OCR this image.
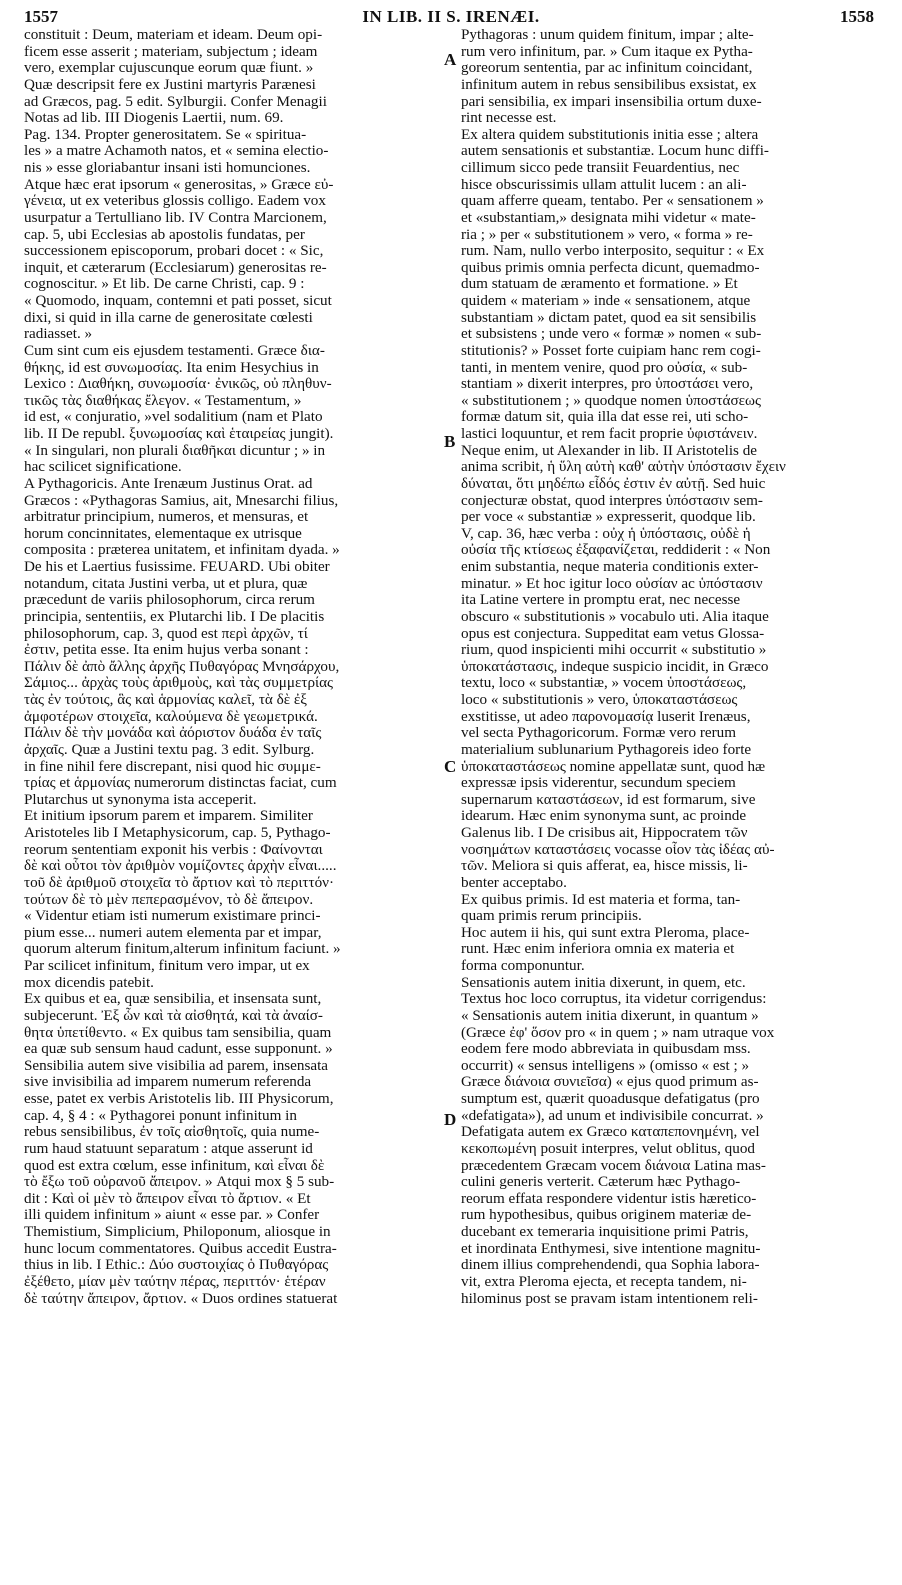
1557	IN LIB. II S. IRENÆI.	1558
constituit : Deum, materiam et ideam. Deum opi-
ficem esse asserit ; materiam, subjectum ; ideam
vero, exemplar cujuscunque eorum quæ fiunt. »
Quæ descripsit fere ex Justini martyris Parænesi
ad Græcos, pag. 5 edit. Sylburgii. Confer Menagii
Notas ad lib. III Diogenis Laertii, num. 69.
Pag. 134. Propter generositatem. Se « spiritua-
les » a matre Achamoth natos, et « semina electio-
nis » esse gloriabantur insani isti homunciones.
Atque hæc erat ipsorum « generositas, » Græce εὐ-
γένεια, ut ex veteribus glossis colligo. Eadem vox
usurpatur a Tertulliano lib. IV Contra Marcionem,
cap. 5, ubi Ecclesias ab apostolis fundatas, per
successionem episcoporum, probari docet : « Sic,
inquit, et cæterarum (Ecclesiarum) generositas re-
cognoscitur. » Et lib. De carne Christi, cap. 9 :
« Quomodo, inquam, contemni et pati posset, sicut
dixi, si quid in illa carne de generositate cœlesti
radiasset. »
Cum sint cum eis ejusdem testamenti. Græce δια-
θήκης, id est συνωμοσίας. Ita enim Hesychius in
Lexico : Διαθήκη, συνωμοσία· ἐνικῶς, οὐ πληθυν-
τικῶς τὰς διαθήκας ἔλεγον. « Testamentum, »
id est, « conjuratio, »vel sodalitium (nam et Plato
lib. II De republ. ξυνωμοσίας καὶ ἑταιρείας jungit).
« In singulari, non plurali διαθῆκαι dicuntur ; » in
hac scilicet significatione.
A Pythagoricis. Ante Irenæum Justinus Orat. ad
Græcos : «Pythagoras Samius, ait, Mnesarchi filius,
arbitratur principium, numeros, et mensuras, et
horum concinnitates, elementaque ex utrisque
composita : præterea unitatem, et infinitam dyada. »
De his et Laertius fusissime. FEUARD. Ubi obiter
notandum, citata Justini verba, ut et plura, quæ
præcedunt de variis philosophorum, circa rerum
principia, sententiis, ex Plutarchi lib. I De placitis
philosophorum, cap. 3, quod est περὶ ἀρχῶν, τί
ἐστιν, petita esse. Ita enim hujus verba sonant :
Πάλιν δὲ ἀπὸ ἄλλης ἀρχῆς Πυθαγόρας Μνησάρχου,
Σάμιος... ἀρχὰς τοὺς ἀριθμοὺς, καὶ τὰς συμμετρίας
τὰς ἐν τούτοις, ἃς καὶ ἁρμονίας καλεῖ, τὰ δὲ ἐξ
ἀμφοτέρων στοιχεῖα, καλούμενα δὲ γεωμετρικά.
Πάλιν δὲ τὴν μονάδα καὶ ἀόριστον δυάδα ἐν ταῖς
ἀρχαῖς. Quæ a Justini textu pag. 3 edit. Sylburg.
in fine nihil fere discrepant, nisi quod hic συμμε-
τρίας et ἁρμονίας numerorum distinctas faciat, cum
Plutarchus ut synonyma ista acceperit.
Et initium ipsorum parem et imparem. Similiter
Aristoteles lib I Metaphysicorum, cap. 5, Pythago-
reorum sententiam exponit his verbis : Φαίνονται
δὲ καὶ οὗτοι τὸν ἀριθμὸν νομίζοντες ἀρχὴν εἶναι.....
τοῦ δὲ ἀριθμοῦ στοιχεῖα τὸ ἄρτιον καὶ τὸ περιττόν·
τούτων δὲ τὸ μὲν πεπερασμένον, τὸ δὲ ἄπειρον.
« Videntur etiam isti numerum existimare princi-
pium esse... numeri autem elementa par et impar,
quorum alterum finitum,alterum infinitum faciunt. »
Par scilicet infinitum, finitum vero impar, ut ex
mox dicendis patebit.
Ex quibus et ea, quæ sensibilia, et insensata sunt,
subjecerunt. Ἐξ ὧν καὶ τὰ αἰσθητά, καὶ τὰ ἀναίσ-
θητα ὑπετίθεντο. « Ex quibus tam sensibilia, quam
ea quæ sub sensum haud cadunt, esse supponunt. »
Sensibilia autem sive visibilia ad parem, insensata
sive invisibilia ad imparem numerum referenda
esse, patet ex verbis Aristotelis lib. III Physicorum,
cap. 4, § 4 : « Pythagorei ponunt infinitum in
rebus sensibilibus, ἐν τοῖς αἰσθητοῖς, quia nume-
rum haud statuunt separatum : atque asserunt id
quod est extra cœlum, esse infinitum, καὶ εἶναι δὲ
τὸ ἔξω τοῦ οὐρανοῦ ἄπειρον. » Atqui mox § 5 sub-
dit : Καὶ οἱ μὲν τὸ ἄπειρον εἶναι τὸ ἄρτιον. « Et
illi quidem infinitum » aiunt « esse par. » Confer
Themistium, Simplicium, Philoponum, aliosque in
hunc locum commentatores. Quibus accedit Eustra-
thius in lib. I Ethic.: Δύο συστοιχίας ὁ Πυθαγόρας
ἐξέθετο, μίαν μὲν ταύτην πέρας, περιττόν· ἑτέραν
δὲ ταύτην ἄπειρον, ἄρτιον. « Duos ordines statuerat
Pythagoras : unum quidem finitum, impar ; alte-
rum vero infinitum, par. » Cum itaque ex Pytha-
goreorum sententia, par ac infinitum coincidant,
infinitum autem in rebus sensibilibus exsistat, ex
pari sensibilia, ex impari insensibilia ortum duxe-
rint necesse est.
Ex altera quidem substitutionis initia esse ; altera
autem sensationis et substantiæ. Locum hunc diffi-
cillimum sicco pede transiit Feuardentius, nec
hisce obscurissimis ullam attulit lucem : an ali-
quam afferre queam, tentabo. Per « sensationem »
et «substantiam,» designata mihi videtur « mate-
ria ; » per « substitutionem » vero, « forma » re-
rum. Nam, nullo verbo interposito, sequitur : « Ex
quibus primis omnia perfecta dicunt, quemadmo-
dum statuam de æramento et formatione. » Et
quidem « materiam » inde « sensationem, atque
substantiam » dictam patet, quod ea sit sensibilis
et subsistens ; unde vero « formæ » nomen « sub-
stitutionis? » Posset forte cuipiam hanc rem cogi-
tanti, in mentem venire, quod pro οὐσία, « sub-
stantiam » dixerit interpres, pro ὑποστάσει vero,
« substitutionem ; » quodque nomen ὑποστάσεως
formæ datum sit, quia illa dat esse rei, uti scho-
lastici loquuntur, et rem facit proprie ὑφιστάνειν.
Neque enim, ut Alexander in lib. II Aristotelis de
anima scribit, ἡ ὕλη αὐτὴ καθ' αὑτὴν ὑπόστασιν ἔχειν
δύναται, ὅτι μηδέπω εἶδός ἐστιν ἐν αὐτῇ. Sed huic
conjecturæ obstat, quod interpres ὑπόστασιν sem-
per voce « substantiæ » expresserit, quodque lib.
V, cap. 36, hæc verba : οὐχ ἡ ὑπόστασις, οὐδὲ ἡ
οὐσία τῆς κτίσεως ἐξαφανίζεται, reddiderit : « Non
enim substantia, neque materia conditionis exter-
minatur. » Et hoc igitur loco οὐσίαν ac ὑπόστασιν
ita Latine vertere in promptu erat, nec necesse
obscuro « substitutionis » vocabulo uti. Alia itaque
opus est conjectura. Suppeditat eam vetus Glossa-
rium, quod inspicienti mihi occurrit « substitutio »
ὑποκατάστασις, indeque suspicio incidit, in Græco
textu, loco « substantiæ, » vocem ὑποστάσεως,
loco « substitutionis » vero, ὑποκαταστάσεως
exstitisse, ut adeo παρονομασίᾳ luserit Irenæus,
vel secta Pythagoricorum. Formæ vero rerum
materialium sublunarium Pythagoreis ideo forte
ὑποκαταστάσεως nomine appellatæ sunt, quod hæ
expressæ ipsis viderentur, secundum speciem
supernarum καταστάσεων, id est formarum, sive
idearum. Hæc enim synonyma sunt, ac proinde
Galenus lib. I De crisibus ait, Hippocratem τῶν
νοσημάτων καταστάσεις vocasse οἷον τὰς ἰδέας αὐ-
τῶν. Meliora si quis afferat, ea, hisce missis, li-
benter acceptabo.
Ex quibus primis. Id est materia et forma, tan-
quam primis rerum principiis.
Hoc autem ii his, qui sunt extra Pleroma, place-
runt. Hæc enim inferiora omnia ex materia et
forma componuntur.
Sensationis autem initia dixerunt, in quem, etc.
Textus hoc loco corruptus, ita videtur corrigendus:
« Sensationis autem initia dixerunt, in quantum »
(Græce ἐφ' ὅσον pro « in quem ; » nam utraque vox
eodem fere modo abbreviata in quibusdam mss.
occurrit) « sensus intelligens » (omisso « est ; »
Græce διάνοια συνιεῖσα) « ejus quod primum as-
sumptum est, quærit quoadusque defatigatus (pro
«defatigata»), ad unum et indivisibile concurrat. »
Defatigata autem ex Græco καταπεπονημένη, vel
κεκοπωμένη posuit interpres, velut oblitus, quod
præcedentem Græcam vocem διάνοια Latina mas-
culini generis verterit. Cæterum hæc Pythago-
reorum effata respondere videntur istis hæretico-
rum hypothesibus, quibus originem materiæ de-
ducebant ex temeraria inquisitione primi Patris,
et inordinata Enthymesi, sive intentione magnitu-
dinem illius comprehendendi, qua Sophia labora-
vit, extra Pleroma ejecta, et recepta tandem, ni-
hilominus post se pravam istam intentionem reli-
A
B
C
D
